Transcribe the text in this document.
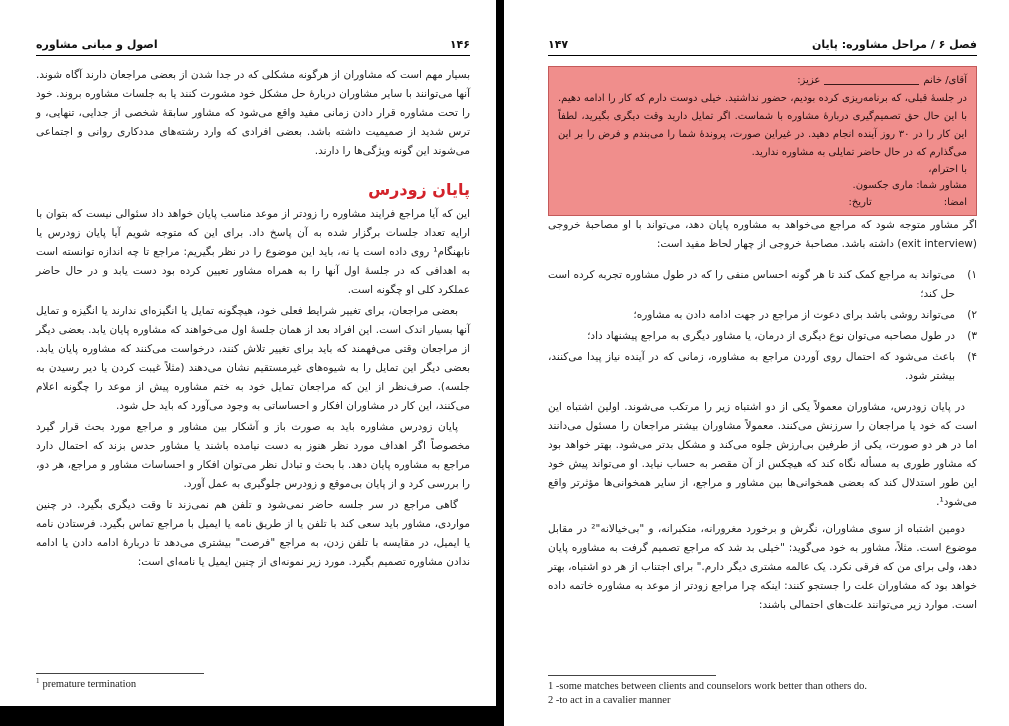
۱۴۶
اصول و مبانی مشاوره

بسیار مهم است که مشاوران از هرگونه مشکلی که در جدا شدن از بعضی مراجعان دارند آگاه شوند. آنها می‌توانند با سایر مشاوران دربارهٔ حل مشکل خود مشورت کنند یا به جلسات مشاوره بروند. خود را تحت مشاوره قرار دادن زمانی مفید واقع می‌شود که مشاور سابقهٔ شخصی از جدایی، تنهایی، و ترس شدید از صمیمیت داشته باشد. بعضی افرادی که وارد رشته‌های مددکاری روانی و اجتماعی می‌شوند این گونه ویژگی‌ها را دارند.

پایان زودرس

این که آیا مراجع فرایند مشاوره را زودتر از موعد مناسب پایان خواهد داد سئوالی نیست که بتوان با ارایه تعداد جلسات برگزار شده به آن پاسخ داد. برای این که متوجه شویم آیا پایان زودرس یا نابهنگام¹ روی داده است یا نه، باید این موضوع را در نظر بگیریم: مراجع تا چه اندازه توانسته است به اهدافی که در جلسهٔ اول آنها را به همراه مشاور تعیین کرده بود دست یابد و در حال حاضر عملکرد کلی او چگونه است.

بعضی مراجعان، برای تغییر شرایط فعلی خود، هیچگونه تمایل یا انگیزه‌ای ندارند یا انگیزه و تمایل آنها بسیار اندک است. این افراد بعد از همان جلسهٔ اول می‌خواهند که مشاوره پایان یابد. بعضی دیگر از مراجعان وقتی می‌فهمند که باید برای تغییر تلاش کنند، درخواست می‌کنند که مشاوره پایان یابد. بعضی دیگر این تمایل را به شیوه‌های غیرمستقیم نشان می‌دهند (مثلاً غیبت کردن یا دیر رسیدن به جلسه). صرف‌نظر از این که مراجعان تمایل خود به ختم مشاوره پیش از موعد را چگونه اعلام می‌کنند، این کار در مشاوران افکار و احساساتی به وجود می‌آورد که باید حل شود.

پایان زودرس مشاوره باید به صورت باز و آشکار بین مشاور و مراجع مورد بحث قرار گیرد مخصوصاً اگر اهداف مورد نظر هنوز به دست نیامده باشند یا مشاور حدس بزند که احتمال دارد مراجع به مشاوره پایان دهد. با بحث و تبادل نظر می‌توان افکار و احساسات مشاور و مراجع، هر دو، را بررسی کرد و از پایان بی‌موقع و زودرس جلوگیری به عمل آورد.

گاهی مراجع در سر جلسه حاضر نمی‌شود و تلفن هم نمی‌زند تا وقت دیگری بگیرد. در چنین مواردی، مشاور باید سعی کند با تلفن یا از طریق نامه یا ایمیل با مراجع تماس بگیرد. فرستادن نامه یا ایمیل، در مقایسه با تلفن زدن، به مراجع "فرصت" بیشتری می‌دهد تا دربارهٔ ادامه دادن یا ادامه ندادن مشاوره تصمیم بگیرد. مورد زیر نمونه‌ای از چنین ایمیل یا نامه‌ای است:

$^1$ premature termination
فصل ۶ / مراحل مشاوره: پایان
۱۴۷
آقای/ خانم
عزیز:

در جلسهٔ قبلی، که برنامه‌ریزی کرده بودیم، حضور نداشتید. خیلی دوست دارم که کار را ادامه دهیم. با این حال حق تصمیم‌گیری دربارهٔ مشاوره با شماست. اگر تمایل دارید وقت دیگری بگیرید، لطفاً این کار را در ۳۰ روز آینده انجام دهید. در غیراین صورت، پروندهٔ شما را می‌بندم و فرض را بر این می‌گذارم که در حال حاضر تمایلی به مشاوره ندارید.

با احترام،
مشاور شما: ماری جکسون.
امضا:
تاریخ:

اگر مشاور متوجه شود که مراجع می‌خواهد به مشاوره پایان دهد، می‌تواند با او مصاحبهٔ خروجی (exit interview) داشته باشد. مصاحبهٔ خروجی از چهار لحاظ مفید است:

۱)
می‌تواند به مراجع کمک کند تا هر گونه احساس منفی را که در طول مشاوره تجربه کرده است حل کند؛
۲)
می‌تواند روشی باشد برای دعوت از مراجع در جهت ادامه دادن به مشاوره؛
۳)
در طول مصاحبه می‌توان نوع دیگری از درمان، یا مشاور دیگری به مراجع پیشنهاد داد؛
۴)
باعث می‌شود که احتمال روی آوردن مراجع به مشاوره، زمانی که در آینده نیاز پیدا می‌کنند، بیشتر شود.

در پایان زودرس، مشاوران معمولاً یکی از دو اشتباه زیر را مرتکب می‌شوند. اولین اشتباه این است که خود یا مراجعان را سرزنش می‌کنند. معمولاً مشاوران بیشتر مراجعان را مسئول می‌دانند اما در هر دو صورت، یکی از طرفین بی‌ارزش جلوه می‌کند و مشکل بدتر می‌شود. بهتر خواهد بود که مشاور طوری به مسأله نگاه کند که هیچکس از آن مقصر به حساب نیاید. او می‌تواند پیش خود این طور استدلال کند که بعضی همخوانی‌ها بین مشاور و مراجع، از سایر همخوانی‌ها مؤثرتر واقع می‌شود¹.

دومین اشتباه از سوی مشاوران، نگرش و برخورد مغرورانه، متکبرانه، و "بی‌خیالانه"² در مقابل موضوع است. مثلاً، مشاور به خود می‌گوید: "خیلی بد شد که مراجع تصمیم گرفت به مشاوره پایان دهد، ولی برای من که فرقی نکرد. یک عالمه مشتری دیگر دارم." برای اجتناب از هر دو اشتباه، بهتر خواهد بود که مشاوران علت را جستجو کنند: اینکه چرا مراجع زودتر از موعد به مشاوره خاتمه داده است. موارد زیر می‌توانند علت‌های احتمالی باشند:

1 -some matches between clients and counselors work better than others do.
2 -to act in a cavalier manner
